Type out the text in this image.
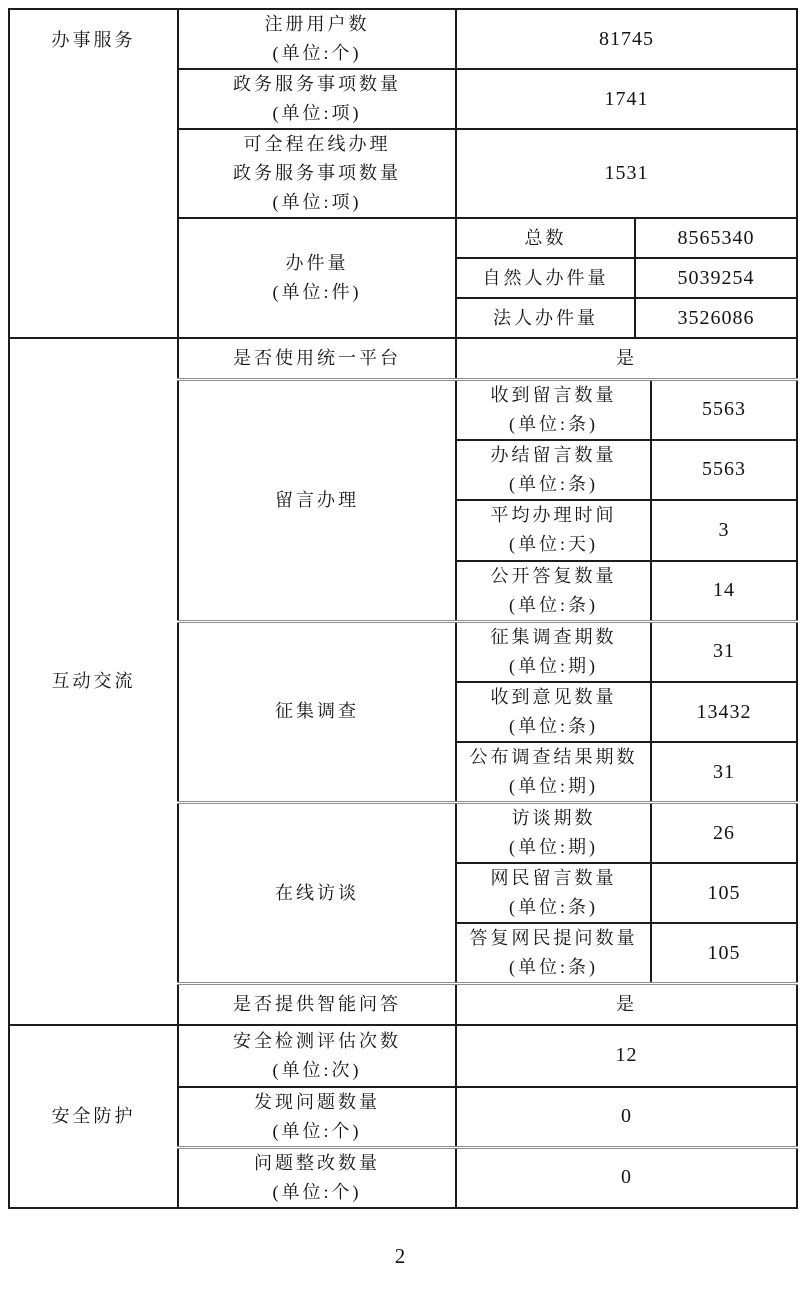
办事服务	注册用户数
(单位:个)	81745		

	政务服务事项数量
(单位:项)	1741		

	可全程在线办理
政务服务事项数量
(单位:项)	1531		

	办件量
(单位:件)	总数	8565340	
		自然人办件量	5039254	
		法人办件量	3526086	
互动交流	是否使用统一平台	是		
	留言办理	收到留言数量
(单位:条)		5563

		办结留言数量
(单位:条)		5563

		平均办理时间
(单位:天)		3

		公开答复数量
(单位:条)		14
	征集调查	征集调查期数
(单位:期)		31

		收到意见数量
(单位:条)		13432

		公布调查结果期数
(单位:期)		31
	在线访谈	访谈期数
(单位:期)		26

		网民留言数量
(单位:条)		105

		答复网民提问数量
(单位:条)		105
	是否提供智能问答	是		
安全防护	安全检测评估次数
(单位:次)	12		

	发现问题数量
(单位:个)	0		

	问题整改数量
(单位:个)	0		
2
